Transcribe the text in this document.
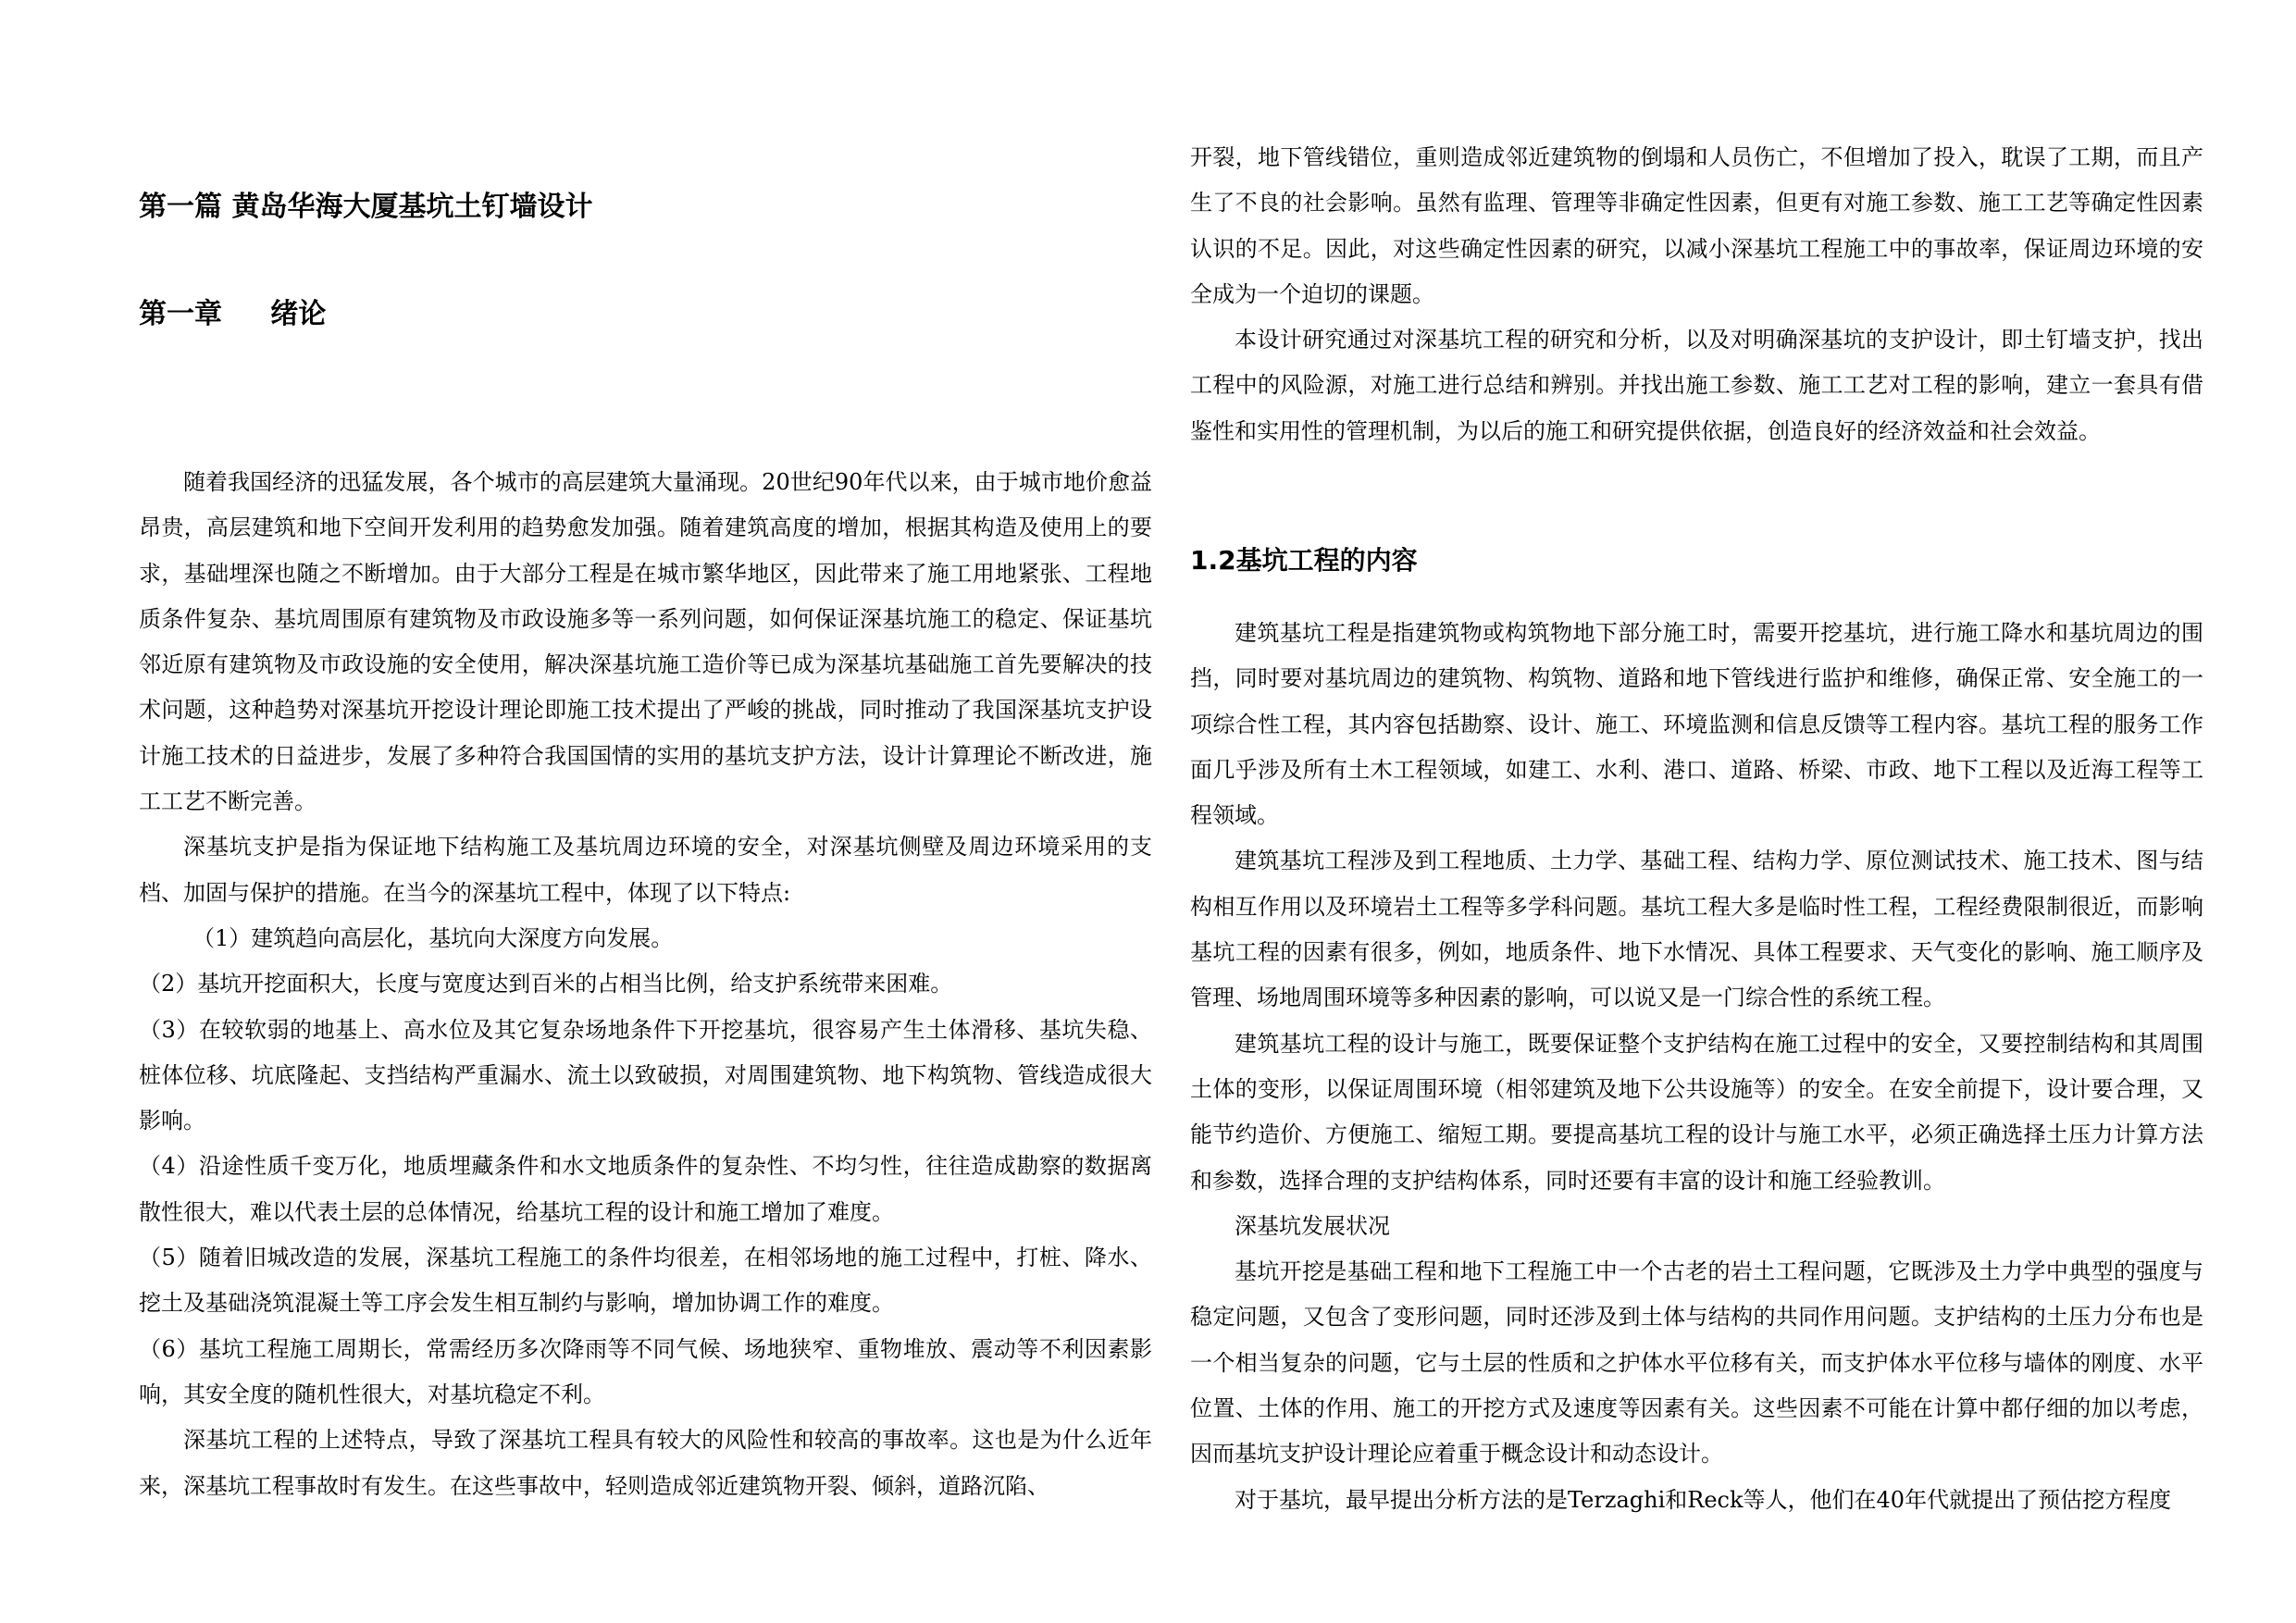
第一篇 黄岛华海大厦基坑土钉墙设计
第一章     绪论

随着我国经济的迅猛发展，各个城市的高层建筑大量涌现。20世纪90年代以来，由于城市地价愈益昂贵，高层建筑和地下空间开发利用的趋势愈发加强。随着建筑高度的增加，根据其构造及使用上的要求，基础埋深也随之不断增加。由于大部分工程是在城市繁华地区，因此带来了施工用地紧张、工程地质条件复杂、基坑周围原有建筑物及市政设施多等一系列问题，如何保证深基坑施工的稳定、保证基坑邻近原有建筑物及市政设施的安全使用，解决深基坑施工造价等已成为深基坑基础施工首先要解决的技术问题，这种趋势对深基坑开挖设计理论即施工技术提出了严峻的挑战，同时推动了我国深基坑支护设计施工技术的日益进步，发展了多种符合我国国情的实用的基坑支护方法，设计计算理论不断改进，施工工艺不断完善。

深基坑支护是指为保证地下结构施工及基坑周边环境的安全，对深基坑侧壁及周边环境采用的支档、加固与保护的措施。在当今的深基坑工程中，体现了以下特点:

（1）建筑趋向高层化，基坑向大深度方向发展。

（2）基坑开挖面积大，长度与宽度达到百米的占相当比例，给支护系统带来困难。

（3）在较软弱的地基上、高水位及其它复杂场地条件下开挖基坑，很容易产生土体滑移、基坑失稳、桩体位移、坑底隆起、支挡结构严重漏水、流土以致破损，对周围建筑物、地下构筑物、管线造成很大影响。

（4）沿途性质千变万化，地质埋藏条件和水文地质条件的复杂性、不均匀性，往往造成勘察的数据离散性很大，难以代表土层的总体情况，给基坑工程的设计和施工增加了难度。

（5）随着旧城改造的发展，深基坑工程施工的条件均很差，在相邻场地的施工过程中，打桩、降水、挖土及基础浇筑混凝土等工序会发生相互制约与影响，增加协调工作的难度。

（6）基坑工程施工周期长，常需经历多次降雨等不同气候、场地狭窄、重物堆放、震动等不利因素影响，其安全度的随机性很大，对基坑稳定不利。

深基坑工程的上述特点，导致了深基坑工程具有较大的风险性和较高的事故率。这也是为什么近年来，深基坑工程事故时有发生。在这些事故中，轻则造成邻近建筑物开裂、倾斜，道路沉陷、

开裂，地下管线错位，重则造成邻近建筑物的倒塌和人员伤亡，不但增加了投入，耽误了工期，而且产生了不良的社会影响。虽然有监理、管理等非确定性因素，但更有对施工参数、施工工艺等确定性因素认识的不足。因此，对这些确定性因素的研究，以减小深基坑工程施工中的事故率，保证周边环境的安全成为一个迫切的课题。

本设计研究通过对深基坑工程的研究和分析，以及对明确深基坑的支护设计，即土钉墙支护，找出工程中的风险源，对施工进行总结和辨别。并找出施工参数、施工工艺对工程的影响，建立一套具有借鉴性和实用性的管理机制，为以后的施工和研究提供依据，创造良好的经济效益和社会效益。

1.2基坑工程的内容

建筑基坑工程是指建筑物或构筑物地下部分施工时，需要开挖基坑，进行施工降水和基坑周边的围挡，同时要对基坑周边的建筑物、构筑物、道路和地下管线进行监护和维修，确保正常、安全施工的一项综合性工程，其内容包括勘察、设计、施工、环境监测和信息反馈等工程内容。基坑工程的服务工作面几乎涉及所有土木工程领域，如建工、水利、港口、道路、桥梁、市政、地下工程以及近海工程等工程领域。

建筑基坑工程涉及到工程地质、土力学、基础工程、结构力学、原位测试技术、施工技术、图与结构相互作用以及环境岩土工程等多学科问题。基坑工程大多是临时性工程，工程经费限制很近，而影响基坑工程的因素有很多，例如，地质条件、地下水情况、具体工程要求、天气变化的影响、施工顺序及管理、场地周围环境等多种因素的影响，可以说又是一门综合性的系统工程。

建筑基坑工程的设计与施工，既要保证整个支护结构在施工过程中的安全，又要控制结构和其周围土体的变形，以保证周围环境（相邻建筑及地下公共设施等）的安全。在安全前提下，设计要合理，又能节约造价、方便施工、缩短工期。要提高基坑工程的设计与施工水平，必须正确选择土压力计算方法和参数，选择合理的支护结构体系，同时还要有丰富的设计和施工经验教训。

深基坑发展状况

基坑开挖是基础工程和地下工程施工中一个古老的岩土工程问题，它既涉及土力学中典型的强度与稳定问题，又包含了变形问题，同时还涉及到土体与结构的共同作用问题。支护结构的土压力分布也是一个相当复杂的问题，它与土层的性质和之护体水平位移有关，而支护体水平位移与墙体的刚度、水平位置、土体的作用、施工的开挖方式及速度等因素有关。这些因素不可能在计算中都仔细的加以考虑，因而基坑支护设计理论应着重于概念设计和动态设计。

对于基坑，最早提出分析方法的是Terzaghi和Reck等人，他们在40年代就提出了预估挖方程度
